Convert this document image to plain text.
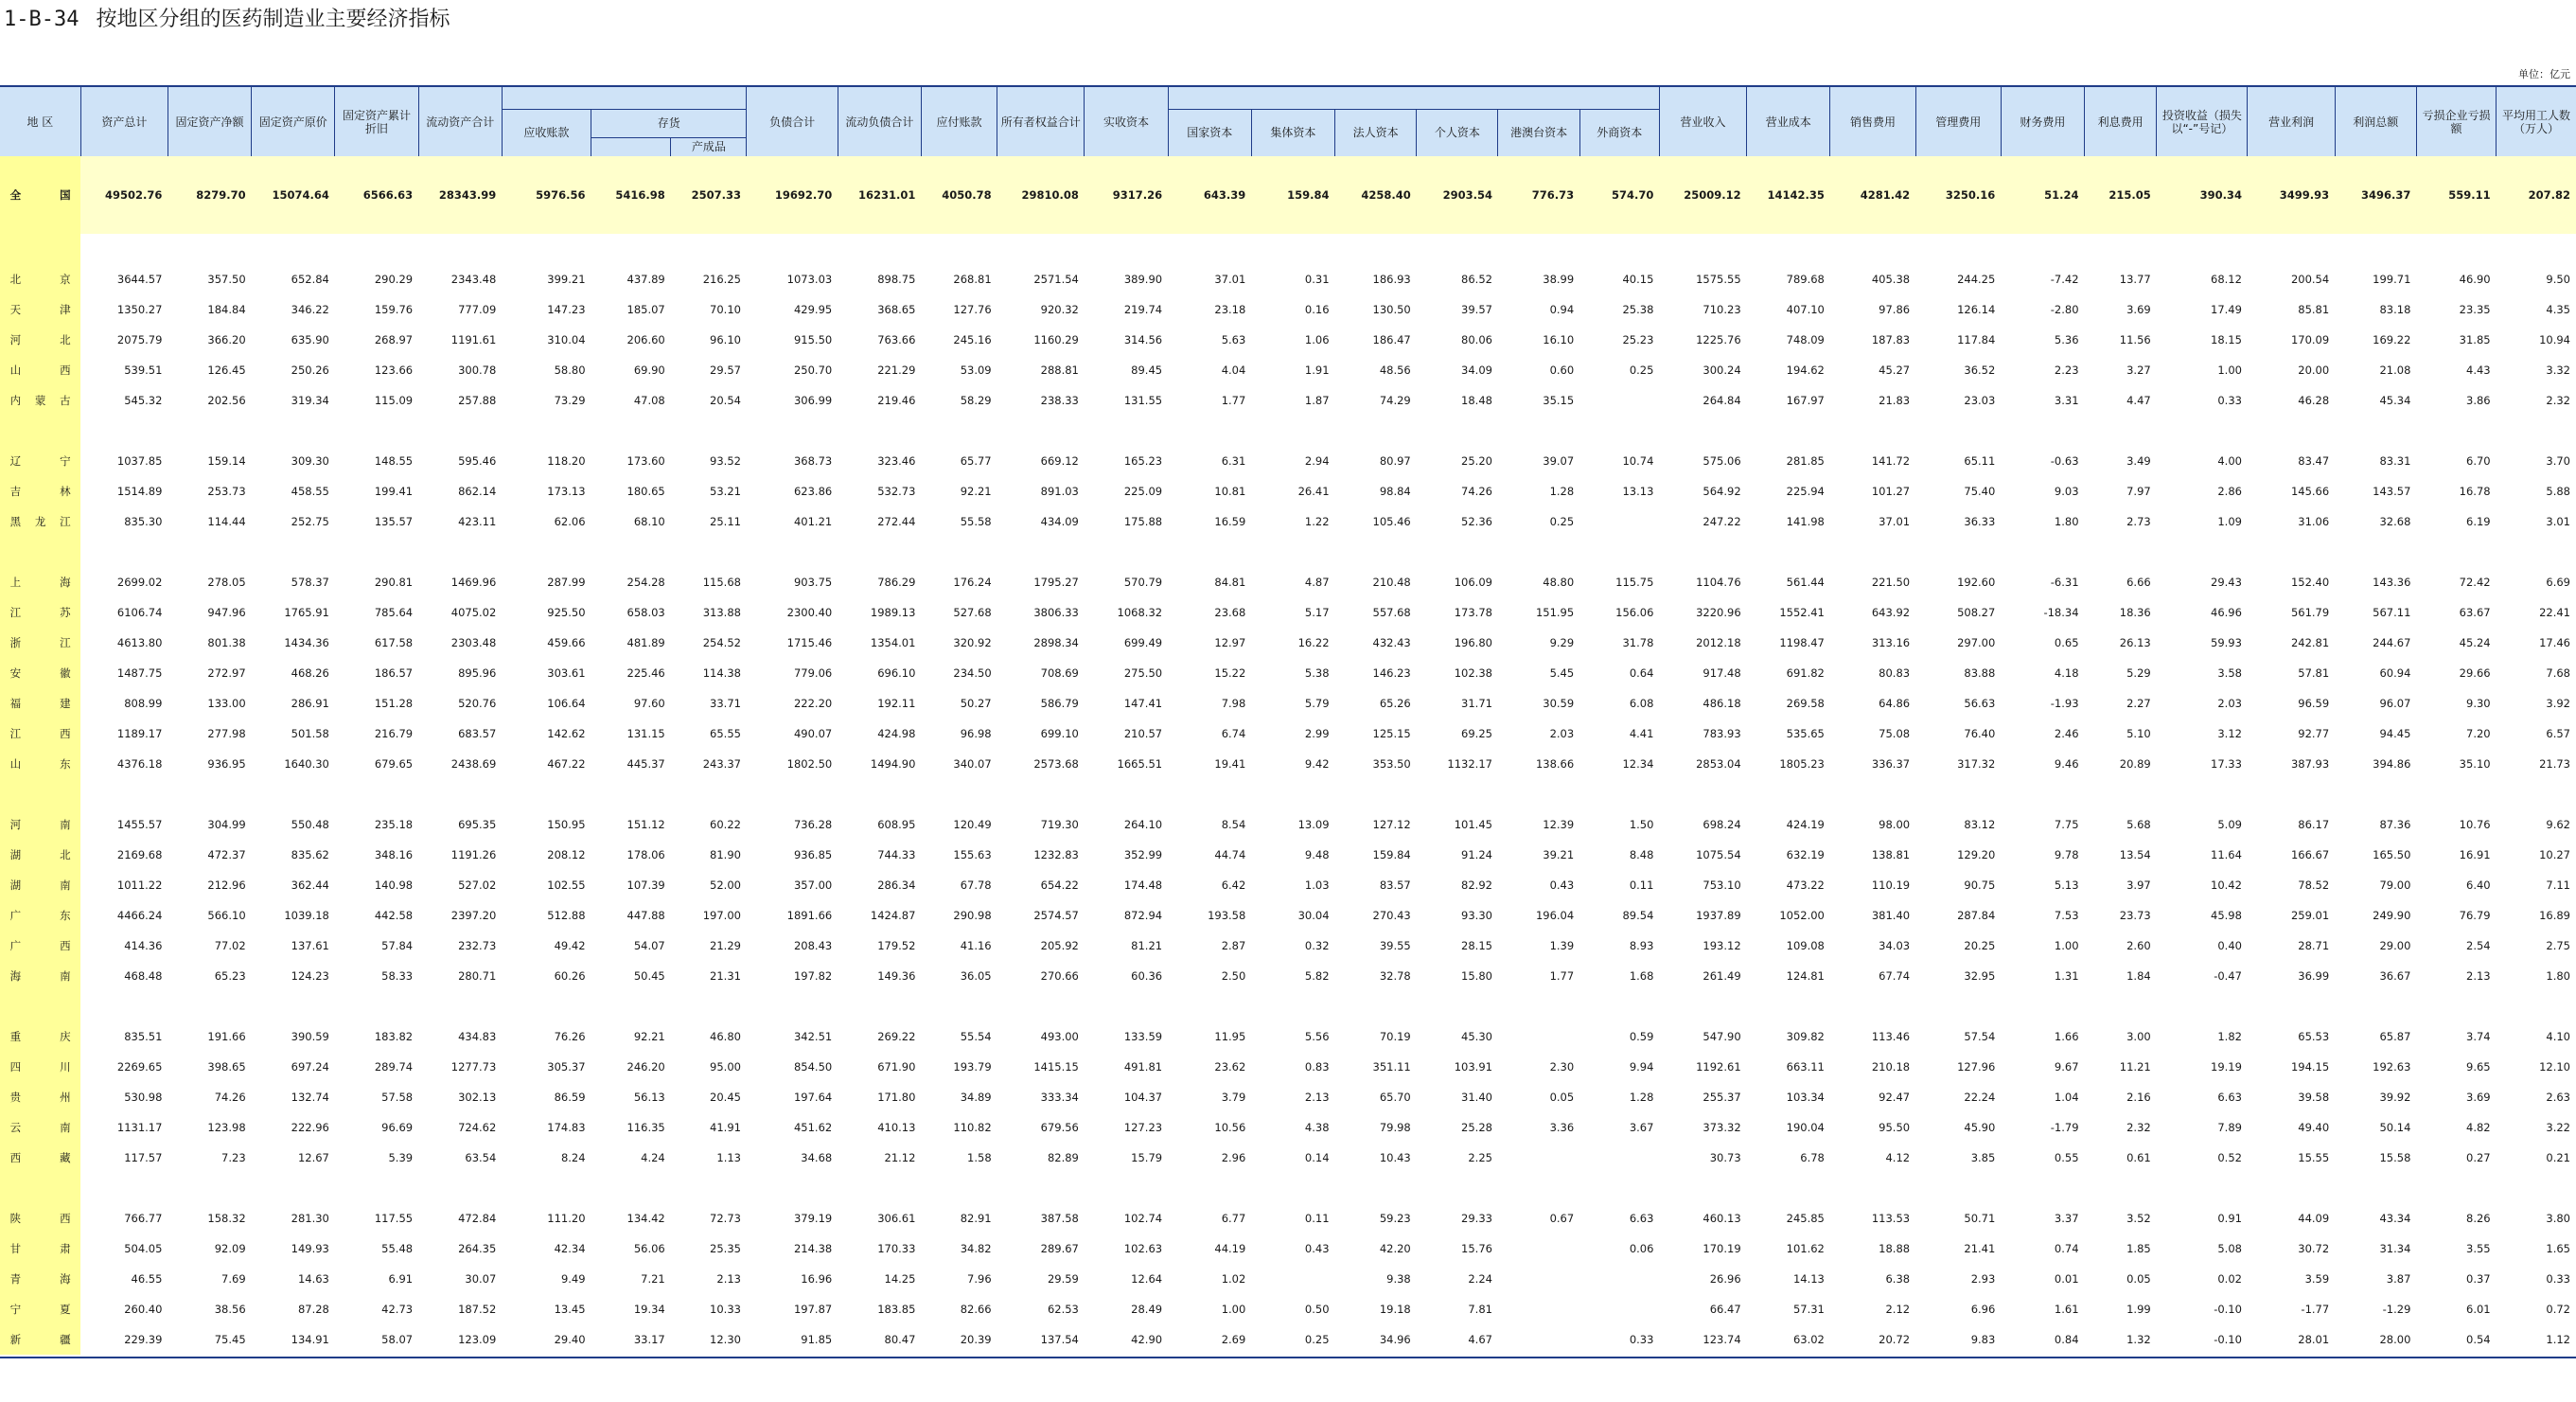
1-B-34 按地区分组的医药制造业主要经济指标
单位：亿元
地 区	资产总计	固定资产净额	固定资产原价	固定资产累计折旧	流动资产合计				负债合计	流动负债合计	应付账款	所有者权益合计	实收资本							营业收入	营业成本	销售费用	管理费用	财务费用	利息费用	投资收益（损失以“-”号记）	营业利润	利润总额	亏损企业亏损额	平均用工人数（万人）
						应收账款	存货							国家资本	集体资本	法人资本	个人资本	港澳台资本	外商资本											
								产成品																						
全国	49502.76	8279.70	15074.64	6566.63	28343.99	5976.56	5416.98	2507.33	19692.70	16231.01	4050.78	29810.08	9317.26	643.39	159.84	4258.40	2903.54	776.73	574.70	25009.12	14142.35	4281.42	3250.16	51.24	215.05	390.34	3499.93	3496.37	559.11	207.82

北京	3644.57	357.50	652.84	290.29	2343.48	399.21	437.89	216.25	1073.03	898.75	268.81	2571.54	389.90	37.01	0.31	186.93	86.52	38.99	40.15	1575.55	789.68	405.38	244.25	-7.42	13.77	68.12	200.54	199.71	46.90	9.50
天津	1350.27	184.84	346.22	159.76	777.09	147.23	185.07	70.10	429.95	368.65	127.76	920.32	219.74	23.18	0.16	130.50	39.57	0.94	25.38	710.23	407.10	97.86	126.14	-2.80	3.69	17.49	85.81	83.18	23.35	4.35
河北	2075.79	366.20	635.90	268.97	1191.61	310.04	206.60	96.10	915.50	763.66	245.16	1160.29	314.56	5.63	1.06	186.47	80.06	16.10	25.23	1225.76	748.09	187.83	117.84	5.36	11.56	18.15	170.09	169.22	31.85	10.94
山西	539.51	126.45	250.26	123.66	300.78	58.80	69.90	29.57	250.70	221.29	53.09	288.81	89.45	4.04	1.91	48.56	34.09	0.60	0.25	300.24	194.62	45.27	36.52	2.23	3.27	1.00	20.00	21.08	4.43	3.32
内蒙古	545.32	202.56	319.34	115.09	257.88	73.29	47.08	20.54	306.99	219.46	58.29	238.33	131.55	1.77	1.87	74.29	18.48	35.15		264.84	167.97	21.83	23.03	3.31	4.47	0.33	46.28	45.34	3.86	2.32

辽宁	1037.85	159.14	309.30	148.55	595.46	118.20	173.60	93.52	368.73	323.46	65.77	669.12	165.23	6.31	2.94	80.97	25.20	39.07	10.74	575.06	281.85	141.72	65.11	-0.63	3.49	4.00	83.47	83.31	6.70	3.70
吉林	1514.89	253.73	458.55	199.41	862.14	173.13	180.65	53.21	623.86	532.73	92.21	891.03	225.09	10.81	26.41	98.84	74.26	1.28	13.13	564.92	225.94	101.27	75.40	9.03	7.97	2.86	145.66	143.57	16.78	5.88
黑龙江	835.30	114.44	252.75	135.57	423.11	62.06	68.10	25.11	401.21	272.44	55.58	434.09	175.88	16.59	1.22	105.46	52.36	0.25		247.22	141.98	37.01	36.33	1.80	2.73	1.09	31.06	32.68	6.19	3.01

上海	2699.02	278.05	578.37	290.81	1469.96	287.99	254.28	115.68	903.75	786.29	176.24	1795.27	570.79	84.81	4.87	210.48	106.09	48.80	115.75	1104.76	561.44	221.50	192.60	-6.31	6.66	29.43	152.40	143.36	72.42	6.69
江苏	6106.74	947.96	1765.91	785.64	4075.02	925.50	658.03	313.88	2300.40	1989.13	527.68	3806.33	1068.32	23.68	5.17	557.68	173.78	151.95	156.06	3220.96	1552.41	643.92	508.27	-18.34	18.36	46.96	561.79	567.11	63.67	22.41
浙江	4613.80	801.38	1434.36	617.58	2303.48	459.66	481.89	254.52	1715.46	1354.01	320.92	2898.34	699.49	12.97	16.22	432.43	196.80	9.29	31.78	2012.18	1198.47	313.16	297.00	0.65	26.13	59.93	242.81	244.67	45.24	17.46
安徽	1487.75	272.97	468.26	186.57	895.96	303.61	225.46	114.38	779.06	696.10	234.50	708.69	275.50	15.22	5.38	146.23	102.38	5.45	0.64	917.48	691.82	80.83	83.88	4.18	5.29	3.58	57.81	60.94	29.66	7.68
福建	808.99	133.00	286.91	151.28	520.76	106.64	97.60	33.71	222.20	192.11	50.27	586.79	147.41	7.98	5.79	65.26	31.71	30.59	6.08	486.18	269.58	64.86	56.63	-1.93	2.27	2.03	96.59	96.07	9.30	3.92
江西	1189.17	277.98	501.58	216.79	683.57	142.62	131.15	65.55	490.07	424.98	96.98	699.10	210.57	6.74	2.99	125.15	69.25	2.03	4.41	783.93	535.65	75.08	76.40	2.46	5.10	3.12	92.77	94.45	7.20	6.57
山东	4376.18	936.95	1640.30	679.65	2438.69	467.22	445.37	243.37	1802.50	1494.90	340.07	2573.68	1665.51	19.41	9.42	353.50	1132.17	138.66	12.34	2853.04	1805.23	336.37	317.32	9.46	20.89	17.33	387.93	394.86	35.10	21.73

河南	1455.57	304.99	550.48	235.18	695.35	150.95	151.12	60.22	736.28	608.95	120.49	719.30	264.10	8.54	13.09	127.12	101.45	12.39	1.50	698.24	424.19	98.00	83.12	7.75	5.68	5.09	86.17	87.36	10.76	9.62
湖北	2169.68	472.37	835.62	348.16	1191.26	208.12	178.06	81.90	936.85	744.33	155.63	1232.83	352.99	44.74	9.48	159.84	91.24	39.21	8.48	1075.54	632.19	138.81	129.20	9.78	13.54	11.64	166.67	165.50	16.91	10.27
湖南	1011.22	212.96	362.44	140.98	527.02	102.55	107.39	52.00	357.00	286.34	67.78	654.22	174.48	6.42	1.03	83.57	82.92	0.43	0.11	753.10	473.22	110.19	90.75	5.13	3.97	10.42	78.52	79.00	6.40	7.11
广东	4466.24	566.10	1039.18	442.58	2397.20	512.88	447.88	197.00	1891.66	1424.87	290.98	2574.57	872.94	193.58	30.04	270.43	93.30	196.04	89.54	1937.89	1052.00	381.40	287.84	7.53	23.73	45.98	259.01	249.90	76.79	16.89
广西	414.36	77.02	137.61	57.84	232.73	49.42	54.07	21.29	208.43	179.52	41.16	205.92	81.21	2.87	0.32	39.55	28.15	1.39	8.93	193.12	109.08	34.03	20.25	1.00	2.60	0.40	28.71	29.00	2.54	2.75
海南	468.48	65.23	124.23	58.33	280.71	60.26	50.45	21.31	197.82	149.36	36.05	270.66	60.36	2.50	5.82	32.78	15.80	1.77	1.68	261.49	124.81	67.74	32.95	1.31	1.84	-0.47	36.99	36.67	2.13	1.80

重庆	835.51	191.66	390.59	183.82	434.83	76.26	92.21	46.80	342.51	269.22	55.54	493.00	133.59	11.95	5.56	70.19	45.30		0.59	547.90	309.82	113.46	57.54	1.66	3.00	1.82	65.53	65.87	3.74	4.10
四川	2269.65	398.65	697.24	289.74	1277.73	305.37	246.20	95.00	854.50	671.90	193.79	1415.15	491.81	23.62	0.83	351.11	103.91	2.30	9.94	1192.61	663.11	210.18	127.96	9.67	11.21	19.19	194.15	192.63	9.65	12.10
贵州	530.98	74.26	132.74	57.58	302.13	86.59	56.13	20.45	197.64	171.80	34.89	333.34	104.37	3.79	2.13	65.70	31.40	0.05	1.28	255.37	103.34	92.47	22.24	1.04	2.16	6.63	39.58	39.92	3.69	2.63
云南	1131.17	123.98	222.96	96.69	724.62	174.83	116.35	41.91	451.62	410.13	110.82	679.56	127.23	10.56	4.38	79.98	25.28	3.36	3.67	373.32	190.04	95.50	45.90	-1.79	2.32	7.89	49.40	50.14	4.82	3.22
西藏	117.57	7.23	12.67	5.39	63.54	8.24	4.24	1.13	34.68	21.12	1.58	82.89	15.79	2.96	0.14	10.43	2.25			30.73	6.78	4.12	3.85	0.55	0.61	0.52	15.55	15.58	0.27	0.21

陕西	766.77	158.32	281.30	117.55	472.84	111.20	134.42	72.73	379.19	306.61	82.91	387.58	102.74	6.77	0.11	59.23	29.33	0.67	6.63	460.13	245.85	113.53	50.71	3.37	3.52	0.91	44.09	43.34	8.26	3.80
甘肃	504.05	92.09	149.93	55.48	264.35	42.34	56.06	25.35	214.38	170.33	34.82	289.67	102.63	44.19	0.43	42.20	15.76		0.06	170.19	101.62	18.88	21.41	0.74	1.85	5.08	30.72	31.34	3.55	1.65
青海	46.55	7.69	14.63	6.91	30.07	9.49	7.21	2.13	16.96	14.25	7.96	29.59	12.64	1.02		9.38	2.24			26.96	14.13	6.38	2.93	0.01	0.05	0.02	3.59	3.87	0.37	0.33
宁夏	260.40	38.56	87.28	42.73	187.52	13.45	19.34	10.33	197.87	183.85	82.66	62.53	28.49	1.00	0.50	19.18	7.81			66.47	57.31	2.12	6.96	1.61	1.99	-0.10	-1.77	-1.29	6.01	0.72
新疆	229.39	75.45	134.91	58.07	123.09	29.40	33.17	12.30	91.85	80.47	20.39	137.54	42.90	2.69	0.25	34.96	4.67		0.33	123.74	63.02	20.72	9.83	0.84	1.32	-0.10	28.01	28.00	0.54	1.12
